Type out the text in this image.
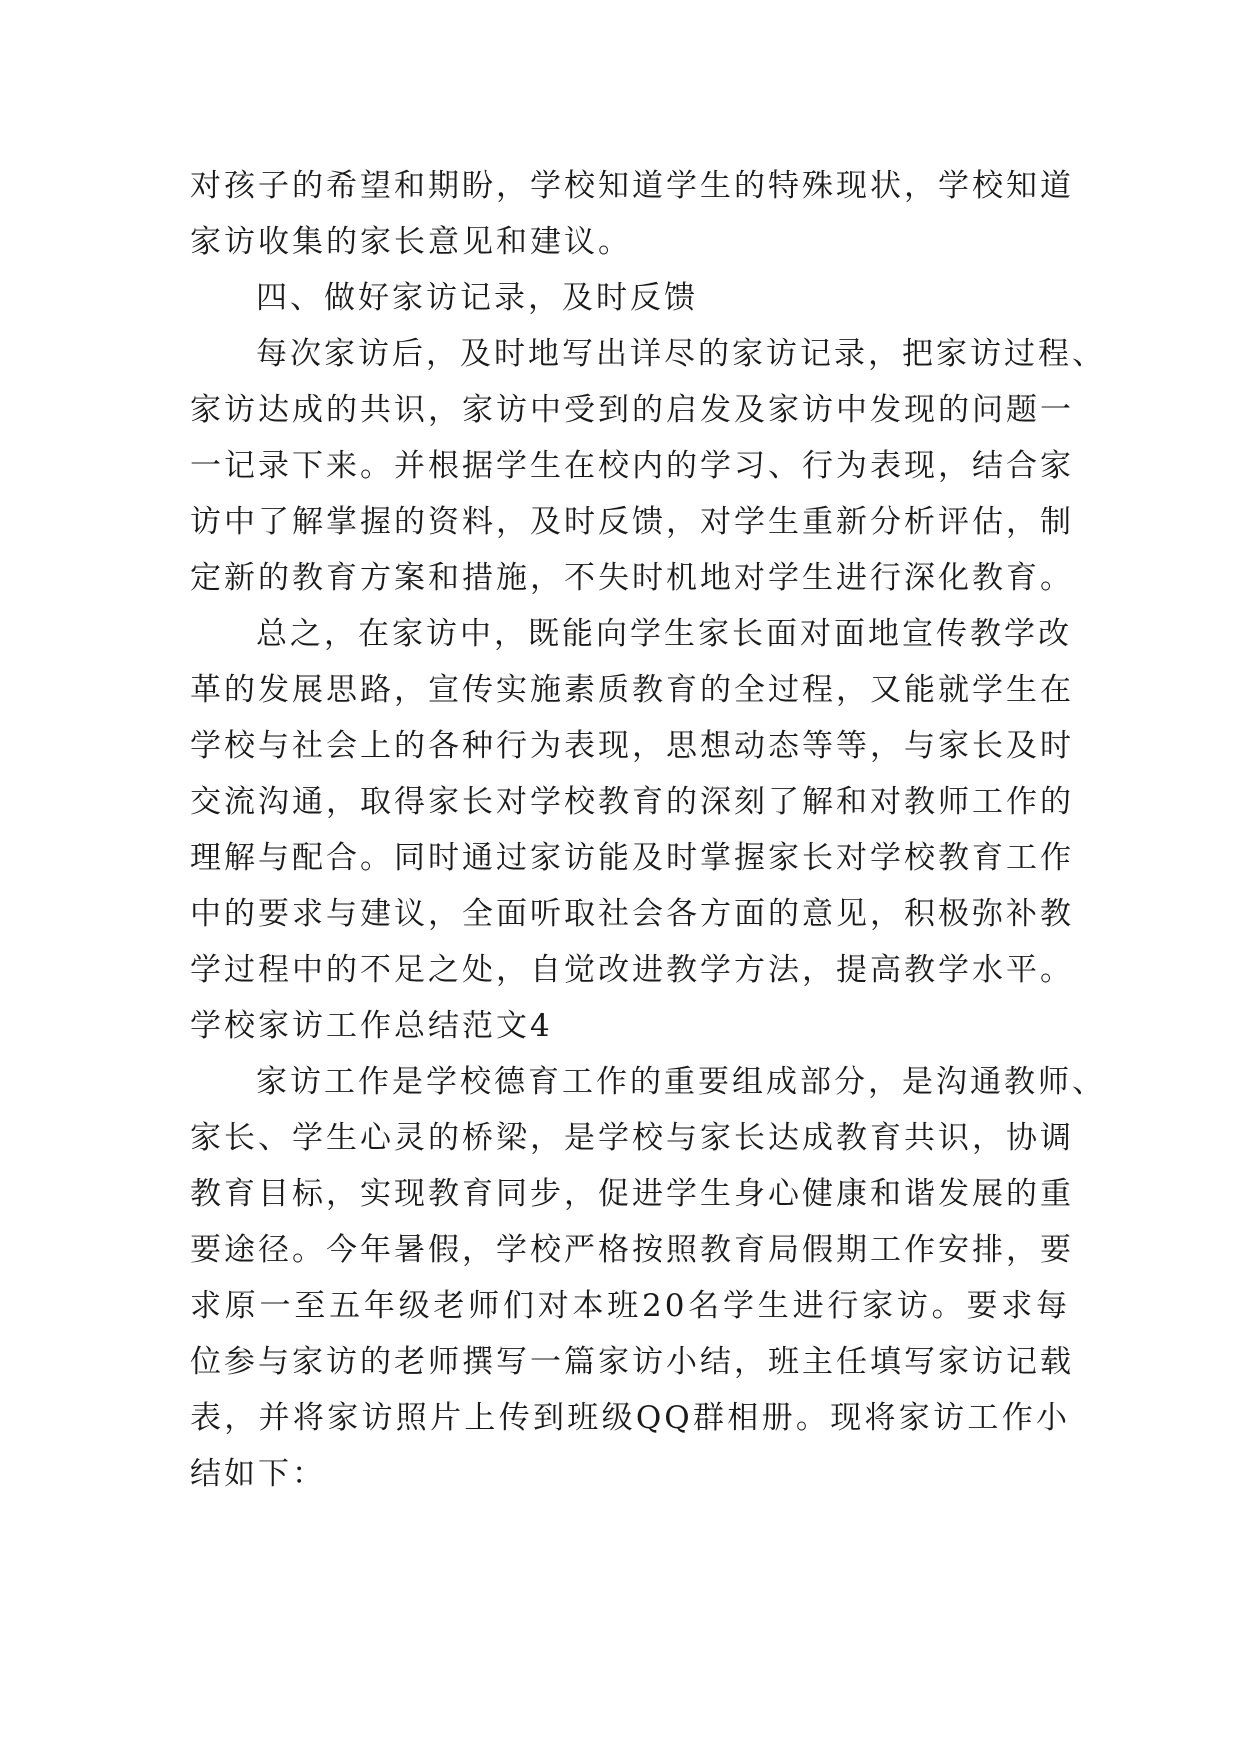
对孩子的希望和期盼，学校知道学生的特殊现状，学校知道
家访收集的家长意见和建议。
四、做好家访记录，及时反馈
每次家访后，及时地写出详尽的家访记录，把家访过程、
家访达成的共识，家访中受到的启发及家访中发现的问题一
一记录下来。并根据学生在校内的学习、行为表现，结合家
访中了解掌握的资料，及时反馈，对学生重新分析评估，制
定新的教育方案和措施，不失时机地对学生进行深化教育。
总之，在家访中，既能向学生家长面对面地宣传教学改
革的发展思路，宣传实施素质教育的全过程，又能就学生在
学校与社会上的各种行为表现，思想动态等等，与家长及时
交流沟通，取得家长对学校教育的深刻了解和对教师工作的
理解与配合。同时通过家访能及时掌握家长对学校教育工作
中的要求与建议，全面听取社会各方面的意见，积极弥补教
学过程中的不足之处，自觉改进教学方法，提高教学水平。
学校家访工作总结范文4
家访工作是学校德育工作的重要组成部分，是沟通教师、
家长、学生心灵的桥梁，是学校与家长达成教育共识，协调
教育目标，实现教育同步，促进学生身心健康和谐发展的重
要途径。今年暑假，学校严格按照教育局假期工作安排，要
求原一至五年级老师们对本班20名学生进行家访。要求每
位参与家访的老师撰写一篇家访小结，班主任填写家访记载
表，并将家访照片上传到班级QQ群相册。现将家访工作小
结如下：
